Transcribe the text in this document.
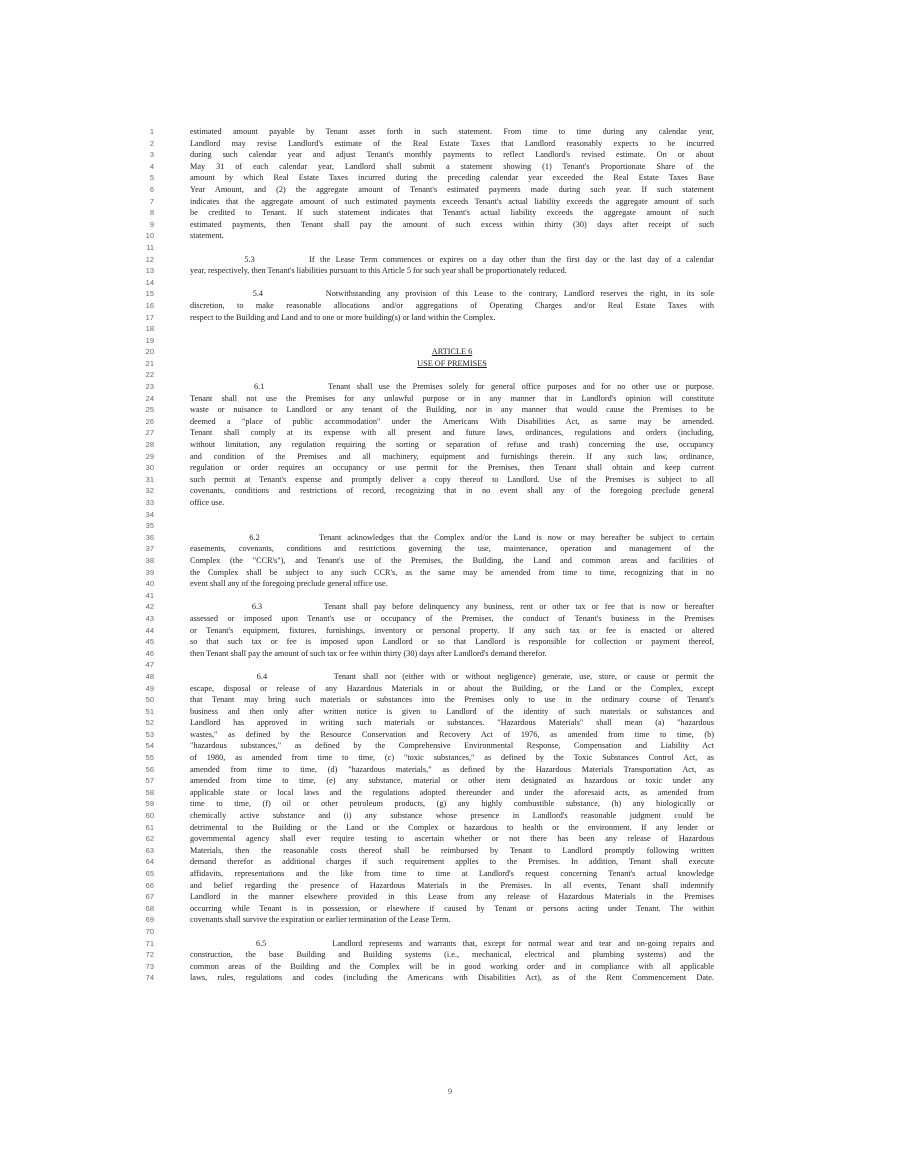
1	estimated amount payable by Tenant asset forth in such statement. From time to time during any calendar year,
2	Landlord may revise Landlord's estimate of the Real Estate Taxes that Landlord reasonably expects to be incurred
3	during such calendar year and adjust Tenant's monthly payments to reflect Landlord's revised estimate. On or about
4	May 31 of each calendar year, Landlord shall submit a statement showing (1) Tenant's Proportionate Share of the
5	amount by which Real Estate Taxes incurred during the preceding calendar year exceeded the Real Estate Taxes Base
6	Year Amount, and (2) the aggregate amount of Tenant's estimated payments made during such year. If such statement
7	indicates that the aggregate amount of such estimated payments exceeds Tenant's actual liability exceeds the aggregate amount of such
8	be credited to Tenant. If such statement indicates that Tenant's actual liability exceeds the aggregate amount of such
9	estimated payments, then Tenant shall pay the amount of such excess within thirty (30) days after receipt of such
10	statement.
11
12	5.3          If the Lease Term commences or expires on a day other than the first day or the last day of a calendar
13	year, respectively, then Tenant's liabilities pursuant to this Article 5 for such year shall be proportionately reduced.
14
15	5.4          Notwithstanding any provision of this Lease to the contrary, Landlord reserves the right, in its sole
16	discretion, to make reasonable allocations and/or aggregations of Operating Charges and/or Real Estate Taxes with
17	respect to the Building and Land and to one or more building(s) or land within the Complex.
18
19
20	ARTICLE 6
21	USE OF PREMISES
22
23	6.1          Tenant shall use the Premises solely for general office purposes and for no other use or purpose.
24	Tenant shall not use the Premises for any unlawful purpose or in any manner that in Landlord's opinion will constitute
25	waste or nuisance to Landlord or any tenant of the Building, nor in any manner that would cause the Premises to be
26	deemed a "place of public accommodation" under the Americans With Disabilities Act, as same may be amended.
27	Tenant shall comply at its expense with all present and future laws, ordinances, regulations and orders (including,
28	without limitation, any regulation requiring the sorting or separation of refuse and trash) concerning the use, occupancy
29	and condition of the Premises and all machinery, equipment and furnishings therein. If any such law, ordinance,
30	regulation or order requires an occupancy or use permit for the Premises, then Tenant shall obtain and keep current
31	such permit at Tenant's expense and promptly deliver a copy thereof to Landlord. Use of the Premises is subject to all
32	covenants, conditions and restrictions of record, recognizing that in no event shall any of the foregoing preclude general
33	office use.
34
35
36	6.2          Tenant acknowledges that the Complex and/or the Land is now or may hereafter be subject to certain
37	easements, covenants, conditions and restrictions governing the use, maintenance, operation and management of the
38	Complex (the "CCR's"), and Tenant's use of the Premises, the Building, the Land and common areas and facilities of
39	the Complex shall be subject to any such CCR's, as the same may be amended from time to time, recognizing that in no
40	event shall any of the foregoing preclude general office use.
41
42	6.3          Tenant shall pay before delinquency any business, rent or other tax or fee that is now or hereafter
43	assessed or imposed upon Tenant's use or occupancy of the Premises, the conduct of Tenant's business in the Premises
44	or Tenant's equipment, fixtures, furnishings, inventory or personal property. If any such tax or fee is enacted or altered
45	so that such tax or fee is imposed upon Landlord or so that Landlord is responsible for collection or payment thereof,
46	then Tenant shall pay the amount of such tax or fee within thirty (30) days after Landlord's demand therefor.
47
48	6.4          Tenant shall not (either with or without negligence) generate, use, store, or cause or permit the
49	escape, disposal or release of any Hazardous Materials in or about the Building, or the Land or the Complex, except
50	that Tenant may bring such materials or substances into the Premises only to use in the ordinary course of Tenant's
51	business and then only after written notice is given to Landlord of the identity of such materials or substances and
52	Landlord has approved in writing such materials or substances. "Hazardous Materials" shall mean (a) "hazardous
53	wastes," as defined by the Resource Conservation and Recovery Act of 1976, as amended from time to time, (b)
54	"hazardous substances," as defined by the Comprehensive Environmental Response, Compensation and Liability Act
55	of 1980, as amended from time to time, (c) "toxic substances," as defined by the Toxic Substances Control Act, as
56	amended from time to time, (d) "hazardous materials," as defined by the Hazardous Materials Transportation Act, as
57	amended from time to time, (e) any substance, material or other item designated as hazardous or toxic under any
58	applicable state or local laws and the regulations adopted thereunder and under the aforesaid acts, as amended from
59	time to time, (f) oil or other petroleum products, (g) any highly combustible substance, (h) any biologically or
60	chemically active substance and (i) any substance whose presence in Landlord's reasonable judgment could be
61	detrimental to the Building or the Land or the Complex or hazardous to health or the environment. If any lender or
62	governmental agency shall ever require testing to ascertain whether or not there has been any release of Hazardous
63	Materials, then the reasonable costs thereof shall be reimbursed by Tenant to Landlord promptly following written
64	demand therefor as additional charges if such requirement applies to the Premises. In addition, Tenant shall execute
65	affidavits, representations and the like from time to time at Landlord's request concerning Tenant's actual knowledge
66	and belief regarding the presence of Hazardous Materials in the Premises. In all events, Tenant shall indemnify
67	Landlord in the manner elsewhere provided in this Lease from any release of Hazardous Materials in the Premises
68	occurring while Tenant is in possession, or elsewhere if caused by Tenant or persons acting under Tenant. The within
69	covenants shall survive the expiration or earlier termination of the Lease Term.
70
71	6.5          Landlord represents and warrants that, except for normal wear and tear and on-going repairs and
72	construction, the base Building and Building systems (i.e., mechanical, electrical and plumbing systems) and the
73	common areas of the Building and the Complex will be in good working order and in compliance with all applicable
74	laws, rules, regulations and codes (including the Americans with Disabilities Act), as of the Rent Commencement Date.
9
